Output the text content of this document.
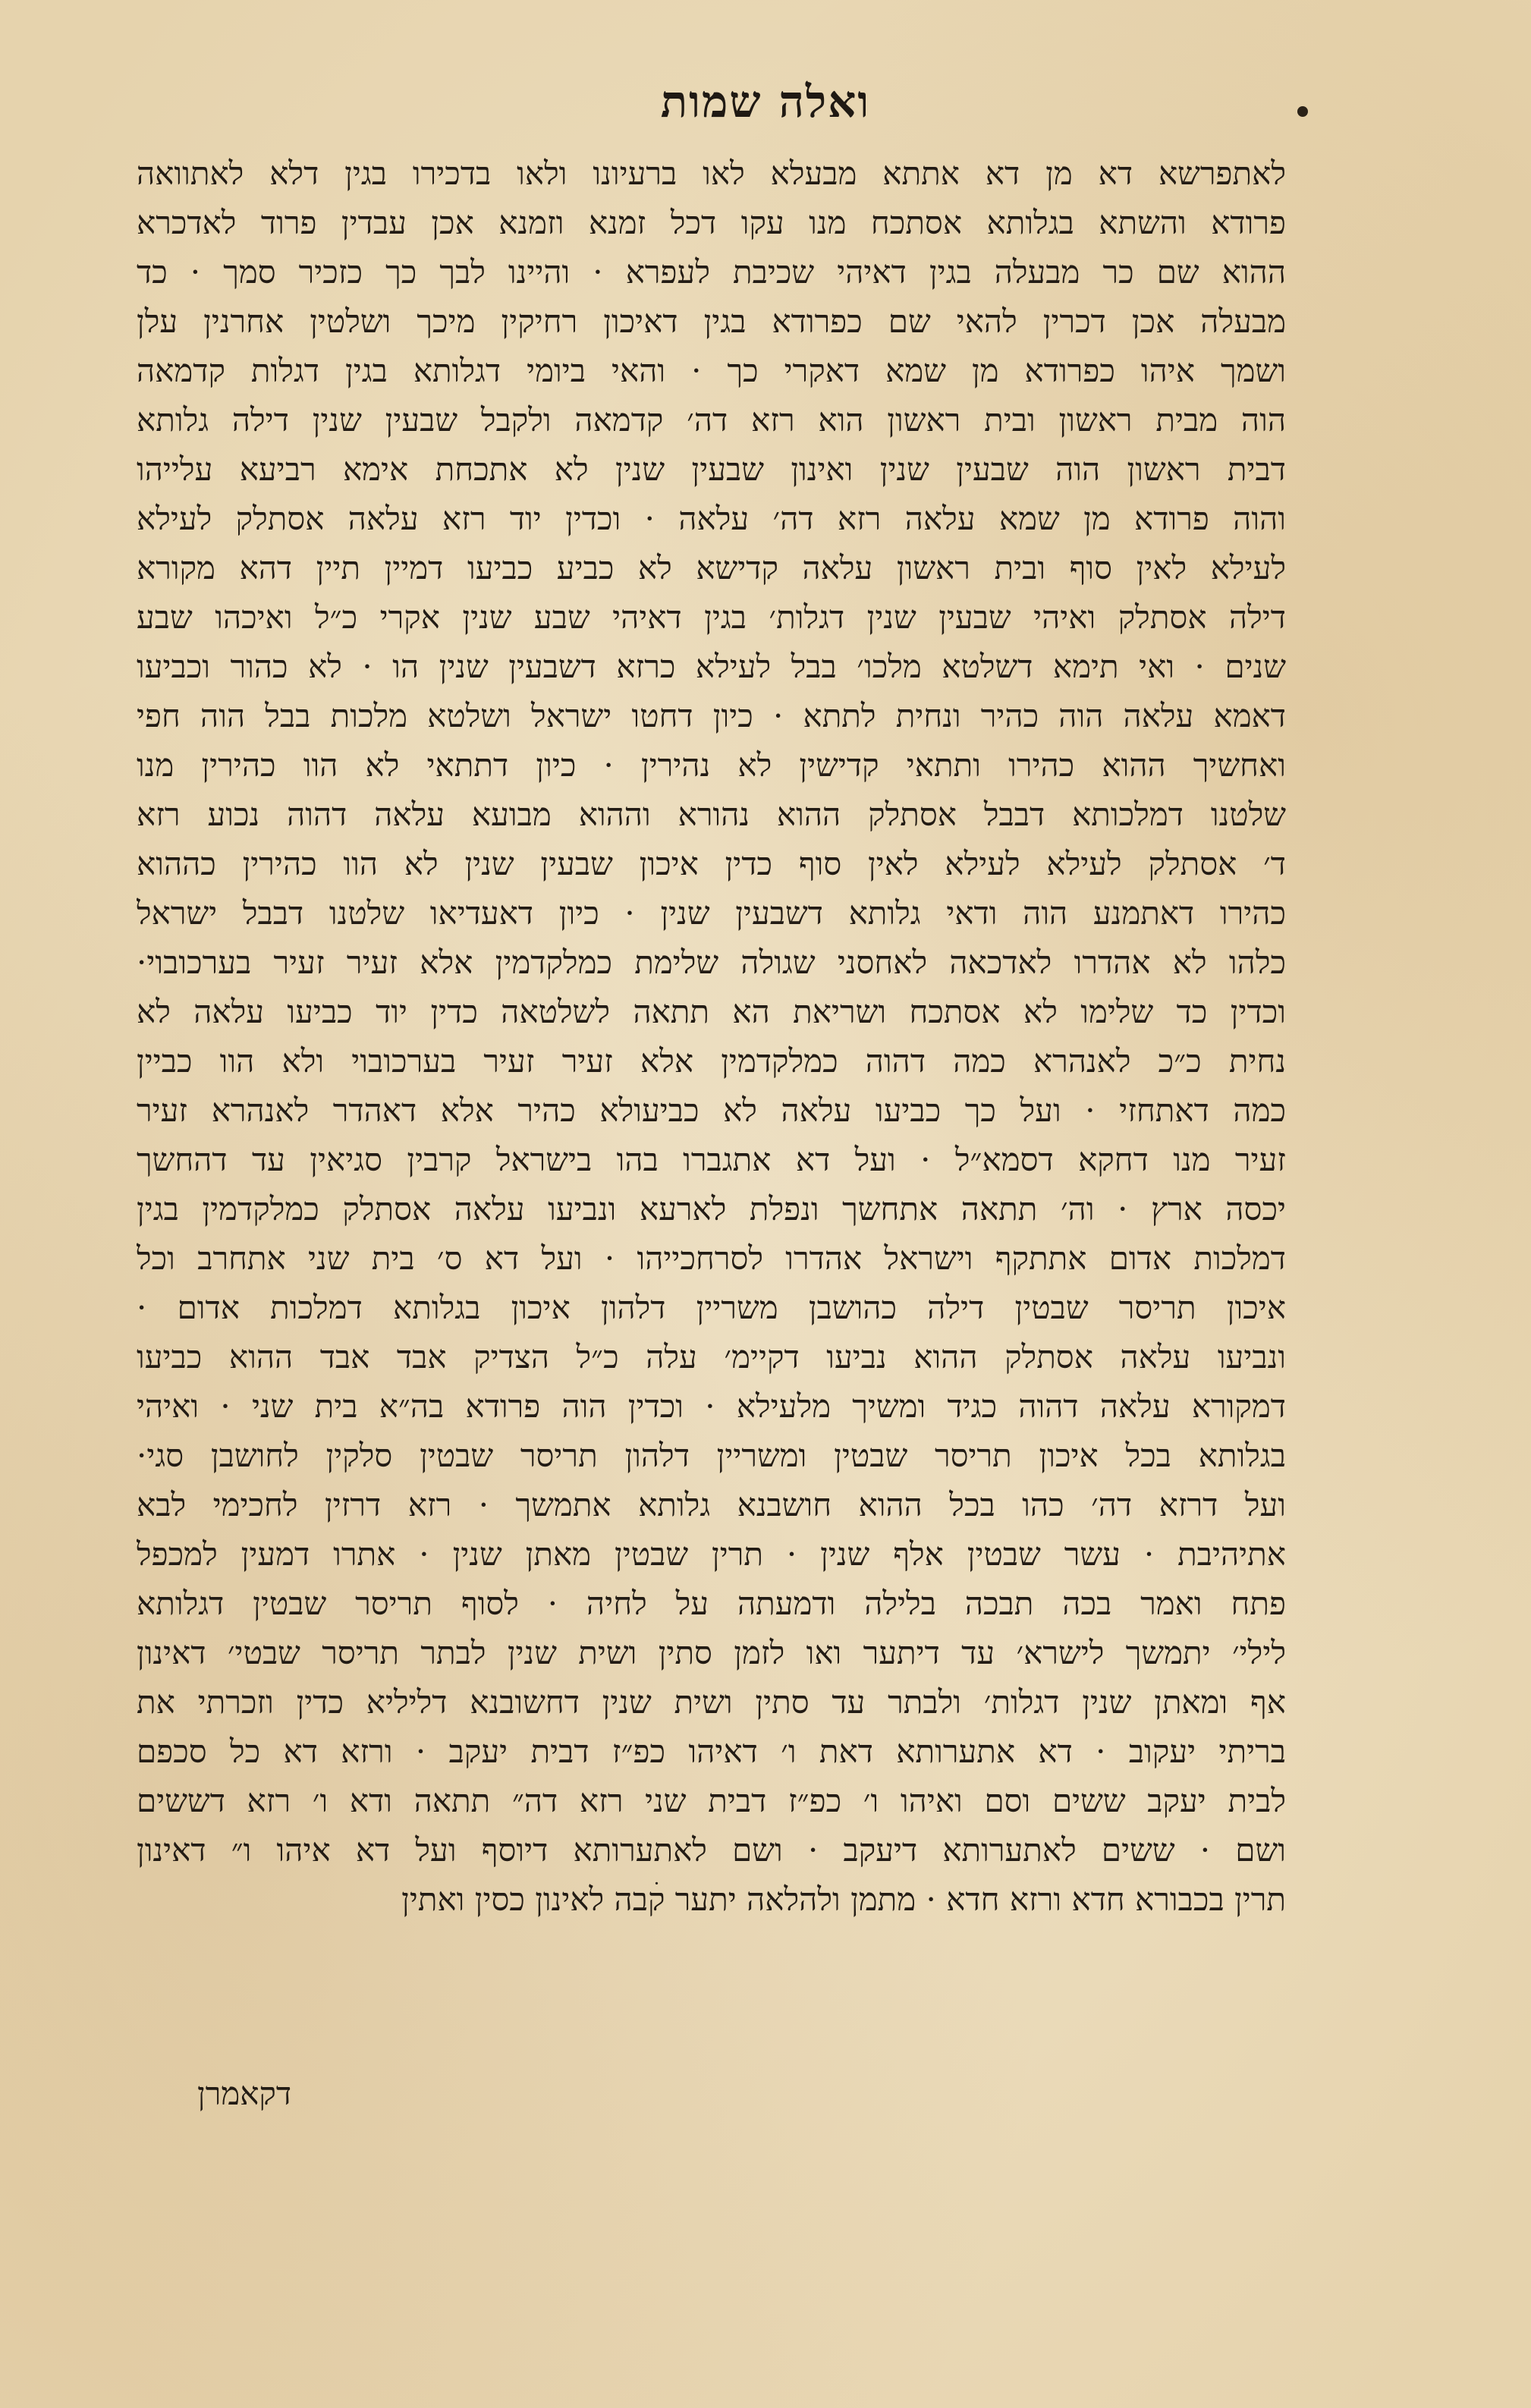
ואלה שמות
לאתפרשא דא מן דא אתתא מבעלא לאו ברעיונו ולאו בדכירו בגין דלא לאתוואה
פרודא והשתא בגלותא אסתכח מנו עקו דכל זמנא וזמנא אכן עבדין פרוד לאדכרא
ההוא שם כר מבעלה בגין דאיהי שכיבת לעפרא · והיינו לבך כך כזכיר סמך · כד
מבעלה אכן דכרין להאי שם כפרודא בגין דאיכון רחיקין מיכך ושלטין אחרנין עלן
ושמך איהו כפרודא מן שמא דאקרי כך · והאי ביומי דגלותא בגין דגלות קדמאה
הוה מבית ראשון ובית ראשון הוא רזא דה׳ קדמאה ולקבל שבעין שנין דילה גלותא
דבית ראשון הוה שבעין שנין ואינון שבעין שנין לא אתכחת אימא רביעא עלייהו
והוה פרודא מן שמא עלאה רזא דה׳ עלאה · וכדין יוד רזא עלאה אסתלק לעילא
לעילא לאין סוף ובית ראשון עלאה קדישא לא כביע כביעו דמיין תיין דהא מקורא
דילה אסתלק ואיהי שבעין שנין דגלות׳ בגין דאיהי שבע שנין אקרי כ״ל ואיכהו שבע
שנים · ואי תימא דשלטא מלכו׳ בבל לעילא כרזא דשבעין שנין הו · לא כהור וכביעו
דאמא עלאה הוה כהיר ונחית לתתא · כיון דחטו ישראל ושלטא מלכות בבל הוה חפי
ואחשיך ההוא כהירו ותתאי קדישין לא נהירין · כיון דתתאי לא הוו כהירין מנו
שלטנו דמלכותא דבבל אסתלק ההוא נהורא וההוא מבועא עלאה דהוה נכוע רזא
ד׳ אסתלק לעילא לעילא לאין סוף כדין איכון שבעין שנין לא הוו כהירין כההוא
כהירו דאתמנע הוה ודאי גלותא דשבעין שנין · כיון דאעדיאו שלטנו דבבל ישראל
כלהו לא אהדרו לאדכאה לאחסני שגולה שלימת כמלקדמין אלא זעיר זעיר בערכובוי·
וכדין כד שלימו לא אסתכח ושריאת הא תתאה לשלטאה כדין יוד כביעו עלאה לא
נחית כ״כ לאנהרא כמה דהוה כמלקדמין אלא זעיר זעיר בערכובוי ולא הוו כביין
כמה דאתחזי · ועל כך כביעו עלאה לא כביעולא כהיר אלא דאהדר לאנהרא זעיר
זעיר מנו דחקא דסמא״ל · ועל דא אתגברו בהו בישראל קרבין סגיאין עד דהחשך
יכסה ארץ · וה׳ תתאה אתחשך ונפלת לארעא ונביעו עלאה אסתלק כמלקדמין בגין
דמלכות אדום אתתקף וישראל אהדרו לסרחכייהו · ועל דא ס׳ בית שני אתחרב וכל
איכון תריסר שבטין דילה כהושבן משריין דלהון איכון בגלותא דמלכות אדום ·
ונביעו עלאה אסתלק ההוא נביעו דקיימ׳ עלה כ״ל הצדיק אבד אבד ההוא כביעו
דמקורא עלאה דהוה כגיד ומשיך מלעילא · וכדין הוה פרודא בה״א בית שני · ואיהי
בגלותא בכל איכון תריסר שבטין ומשריין דלהון תריסר שבטין סלקין לחושבן סגי·
ועל דרזא דה׳ כהו בכל ההוא חושבנא גלותא אתמשך · רזא דרזין לחכימי לבא
אתיהיבת · עשר שבטין אלף שנין · תרין שבטין מאתן שנין · אתרו דמעין למכפל
פתח ואמר בכה תבכה בלילה ודמעתה על לחיה · לסוף תריסר שבטין דגלותא
לילי׳ יתמשך לישרא׳ עד דיתער ואו לזמן סתין ושית שנין לבתר תריסר שבטי׳ דאינון
אף ומאתן שנין דגלות׳ ולבתר עד סתין ושית שנין דחשובנא דליליא כדין וזכרתי את
בריתי יעקוב · דא אתערותא דאת ו׳ דאיהו כפ״ז דבית יעקב · ורזא דא כל סכפם
לבית יעקב ששים וסם ואיהו ו׳ כפ״ז דבית שני רזא דה״ תתאה ודא ו׳ רזא דששים
ושם · ששים לאתערותא דיעקב · ושם לאתערותא דיוסף ועל דא איהו ו״ דאינון
תרין בכבורא חדא ורזא חדא · מתמן ולהלאה יתער קׄבה לאינון כסין ואתין
דקאמרן
